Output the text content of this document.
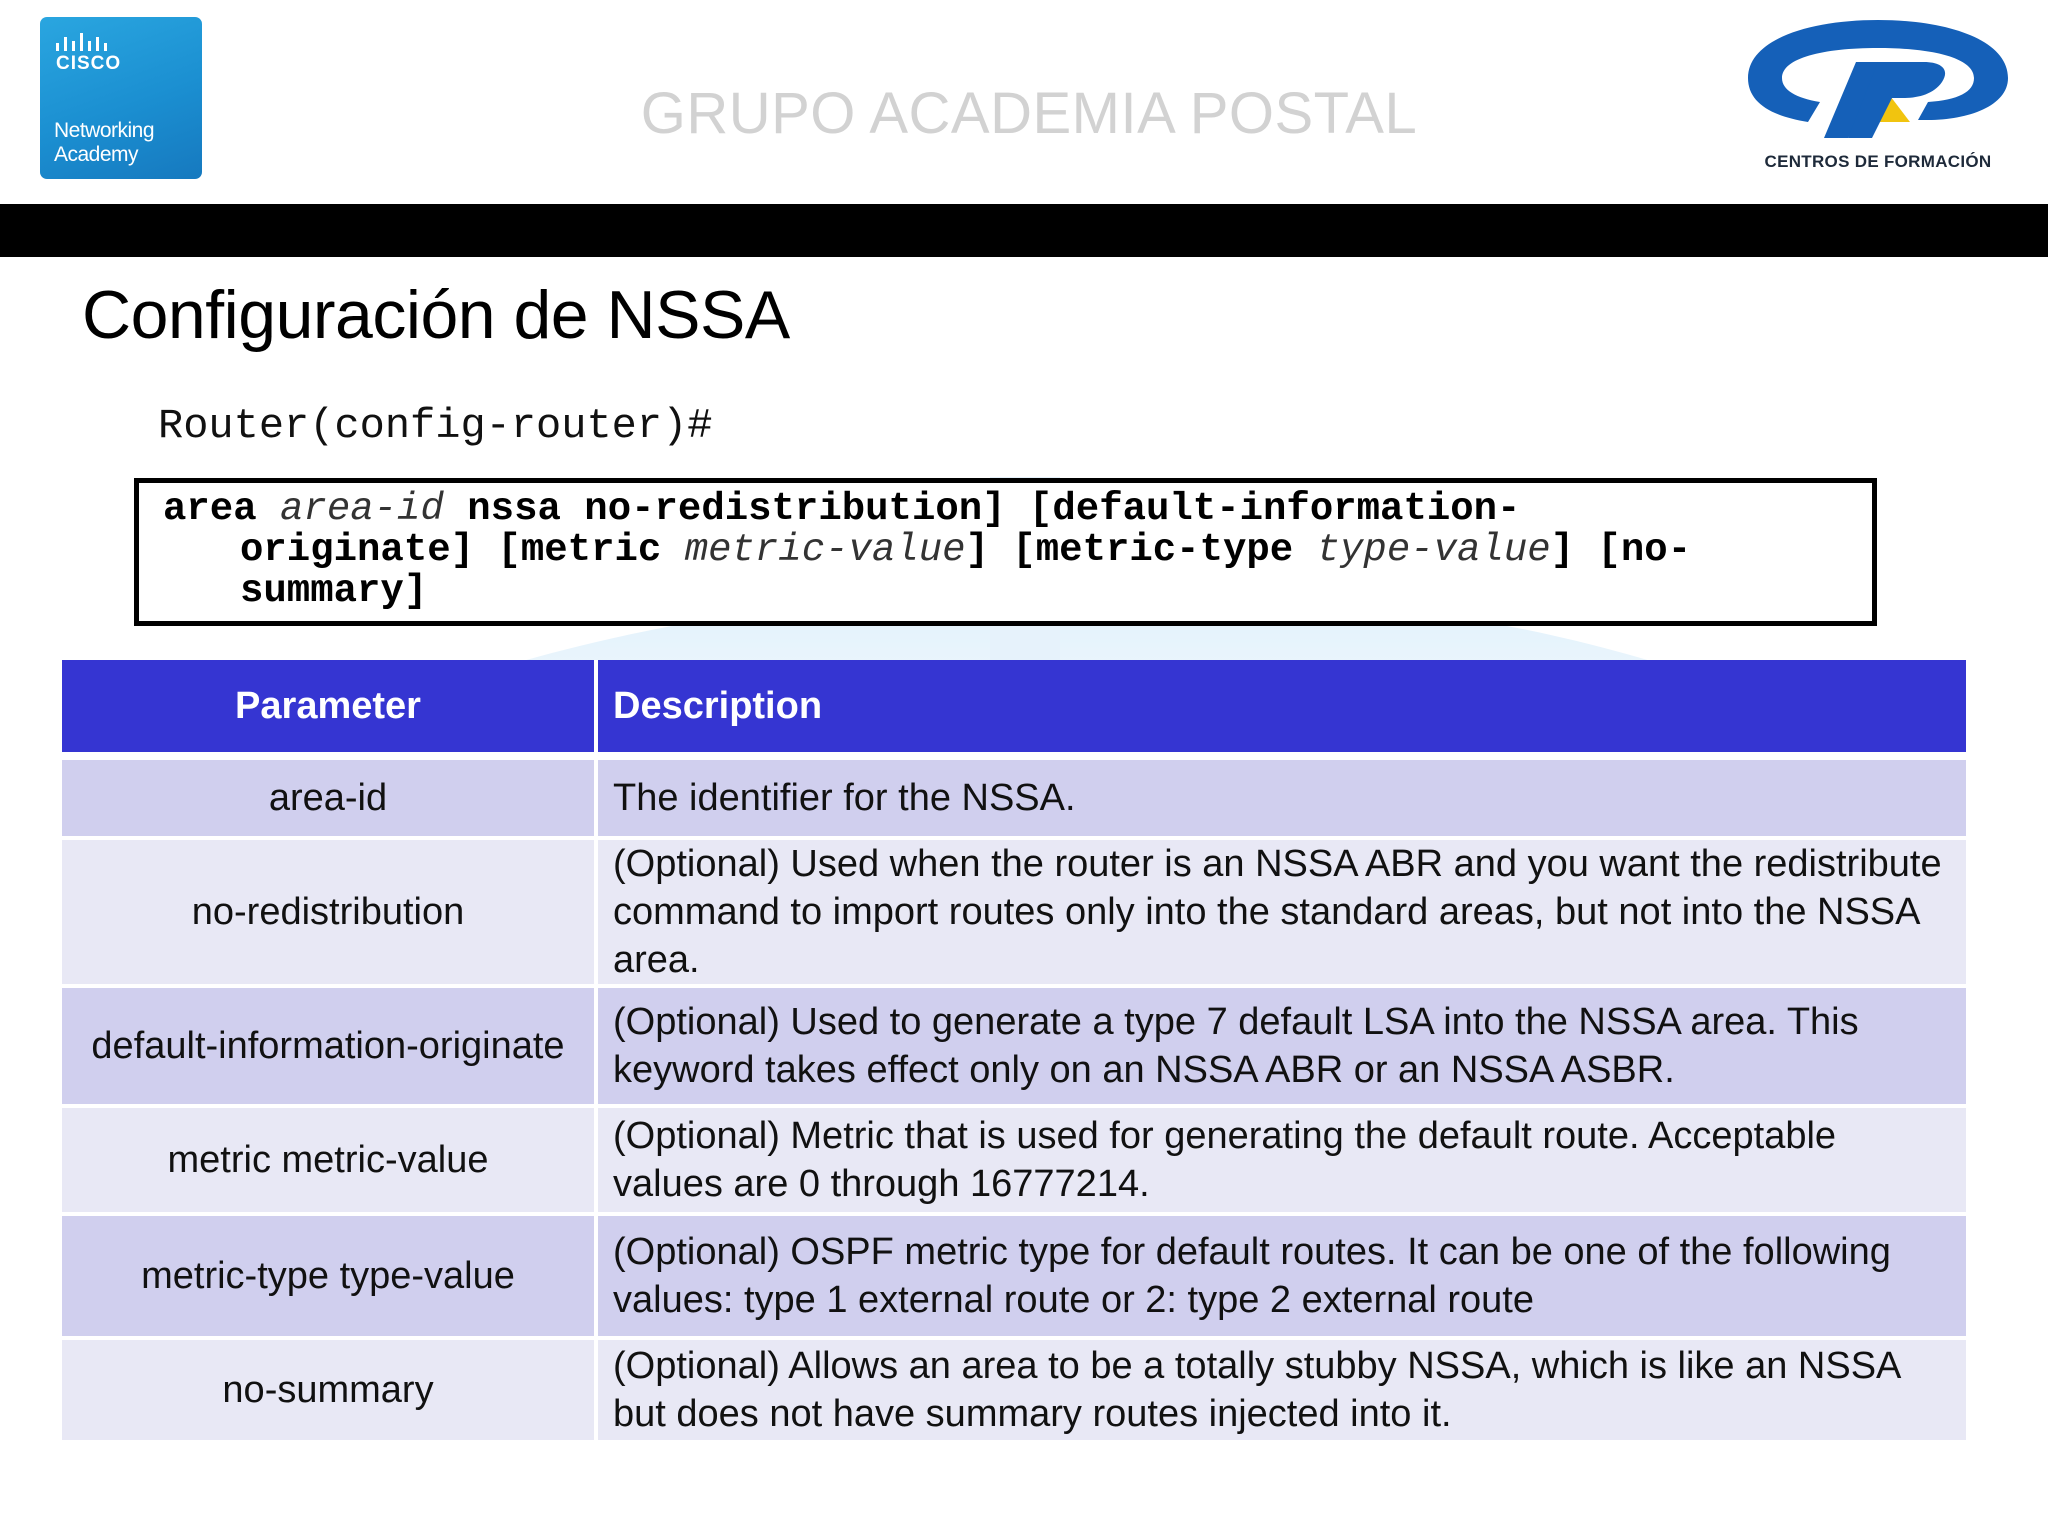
CISCO
Networking
Academy
GRUPO ACADEMIA POSTAL
CENTROS DE FORMACIÓN
Configuración de NSSA
Router(config-router)#
area area-id nssa no-redistribution] [default-information-
originate] [metric metric-value] [metric-type type-value] [no-
summary]
Parameter	Description
area-id	The identifier for the NSSA.
no-redistribution	(Optional) Used when the router is an NSSA ABR and you want the redistribute command to import routes only into the standard areas, but not into the NSSA area.
default-information-originate	(Optional) Used to generate a type 7 default LSA into the NSSA area. This keyword takes effect only on an NSSA ABR or an NSSA ASBR.
metric metric-value	(Optional) Metric that is used for generating the default route. Acceptable values are 0 through 16777214.
metric-type type-value	(Optional) OSPF metric type for default routes. It can be one of the following values: type 1 external route or 2: type 2 external route
no-summary	(Optional) Allows an area to be a totally stubby NSSA, which is like an NSSA but does not have summary routes injected into it.
